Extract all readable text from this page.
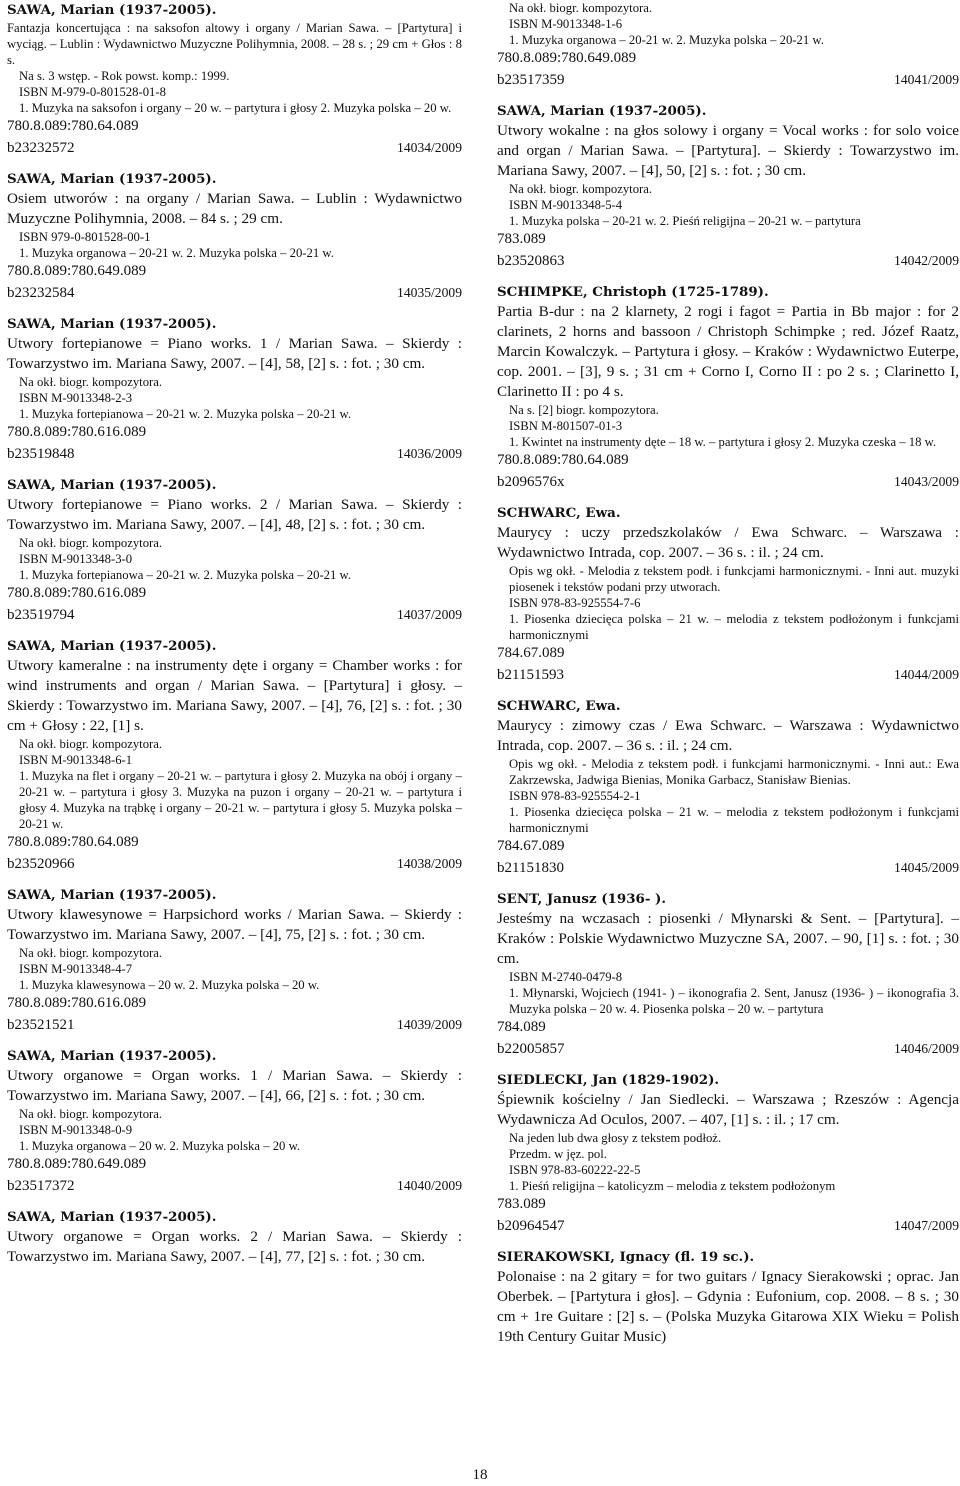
SAWA, Marian (1937-2005).

Fantazja koncertująca : na saksofon altowy i organy / Marian Sawa. – [Partytura] i wyciąg. – Lublin : Wydawnictwo Muzyczne Polihymnia, 2008. – 28 s. ; 29 cm + Głos : 8 s.

Na s. 3 wstęp. - Rok powst. komp.: 1999.

ISBN M-979-0-801528-01-8

1. Muzyka na saksofon i organy – 20 w. – partytura i głosy 2. Muzyka polska – 20 w.

780.8.089:780.64.089

b23232572	14034/2009
SAWA, Marian (1937-2005).

Osiem utworów : na organy / Marian Sawa. – Lublin : Wydawnictwo Muzyczne Polihymnia, 2008. – 84 s. ; 29 cm.

ISBN 979-0-801528-00-1

1. Muzyka organowa – 20-21 w. 2. Muzyka polska – 20-21 w.

780.8.089:780.649.089

b23232584	14035/2009
SAWA, Marian (1937-2005).

Utwory fortepianowe = Piano works. 1 / Marian Sawa. – Skierdy : Towarzystwo im. Mariana Sawy, 2007. – [4], 58, [2] s. : fot. ; 30 cm.

Na okł. biogr. kompozytora.

ISBN M-9013348-2-3

1. Muzyka fortepianowa – 20-21 w. 2. Muzyka polska – 20-21 w.

780.8.089:780.616.089

b23519848	14036/2009
SAWA, Marian (1937-2005).

Utwory fortepianowe = Piano works. 2 / Marian Sawa. – Skierdy : Towarzystwo im. Mariana Sawy, 2007. – [4], 48, [2] s. : fot. ; 30 cm.

Na okł. biogr. kompozytora.

ISBN M-9013348-3-0

1. Muzyka fortepianowa – 20-21 w. 2. Muzyka polska – 20-21 w.

780.8.089:780.616.089

b23519794	14037/2009
SAWA, Marian (1937-2005).

Utwory kameralne : na instrumenty dęte i organy = Chamber works : for wind instruments and organ / Marian Sawa. – [Partytura] i głosy. – Skierdy : Towarzystwo im. Mariana Sawy, 2007. – [4], 76, [2] s. : fot. ; 30 cm + Głosy : 22, [1] s.

Na okł. biogr. kompozytora.

ISBN M-9013348-6-1

1. Muzyka na flet i organy – 20-21 w. – partytura i głosy 2. Muzyka na obój i organy – 20-21 w. – partytura i głosy 3. Muzyka na puzon i organy – 20-21 w. – partytura i głosy 4. Muzyka na trąbkę i organy – 20-21 w. – partytura i głosy 5. Muzyka polska – 20-21 w.

780.8.089:780.64.089

b23520966	14038/2009
SAWA, Marian (1937-2005).

Utwory klawesynowe = Harpsichord works / Marian Sawa. – Skierdy : Towarzystwo im. Mariana Sawy, 2007. – [4], 75, [2] s. : fot. ; 30 cm.

Na okł. biogr. kompozytora.

ISBN M-9013348-4-7

1. Muzyka klawesynowa – 20 w. 2. Muzyka polska – 20 w.

780.8.089:780.616.089

b23521521	14039/2009
SAWA, Marian (1937-2005).

Utwory organowe = Organ works. 1 / Marian Sawa. – Skierdy : Towarzystwo im. Mariana Sawy, 2007. – [4], 66, [2] s. : fot. ; 30 cm.

Na okł. biogr. kompozytora.

ISBN M-9013348-0-9

1. Muzyka organowa – 20 w. 2. Muzyka polska – 20 w.

780.8.089:780.649.089

b23517372	14040/2009
SAWA, Marian (1937-2005).

Utwory organowe = Organ works. 2 / Marian Sawa. – Skierdy : Towarzystwo im. Mariana Sawy, 2007. – [4], 77, [2] s. : fot. ; 30 cm.

Na okł. biogr. kompozytora.

ISBN M-9013348-1-6

1. Muzyka organowa – 20-21 w. 2. Muzyka polska – 20-21 w.

780.8.089:780.649.089

b23517359	14041/2009
SAWA, Marian (1937-2005).

Utwory wokalne : na głos solowy i organy = Vocal works : for solo voice and organ / Marian Sawa. – [Partytura]. – Skierdy : Towarzystwo im. Mariana Sawy, 2007. – [4], 50, [2] s. : fot. ; 30 cm.

Na okł. biogr. kompozytora.

ISBN M-9013348-5-4

1. Muzyka polska – 20-21 w. 2. Pieśń religijna – 20-21 w. – partytura

783.089

b23520863	14042/2009
SCHIMPKE, Christoph (1725-1789).

Partia B-dur : na 2 klarnety, 2 rogi i fagot = Partia in Bb major : for 2 clarinets, 2 horns and bassoon / Christoph Schimpke ; red. Józef Raatz, Marcin Kowalczyk. – Partytura i głosy. – Kraków : Wydawnictwo Euterpe, cop. 2001. – [3], 9 s. ; 31 cm + Corno I, Corno II : po 2 s. ; Clarinetto I, Clarinetto II : po 4 s.

Na s. [2] biogr. kompozytora.

ISBN M-801507-01-3

1. Kwintet na instrumenty dęte – 18 w. – partytura i głosy 2. Muzyka czeska – 18 w.

780.8.089:780.64.089

b2096576x	14043/2009
SCHWARC, Ewa.

Maurycy : uczy przedszkolaków / Ewa Schwarc. – Warszawa : Wydawnictwo Intrada, cop. 2007. – 36 s. : il. ; 24 cm.

Opis wg okł. - Melodia z tekstem podł. i funkcjami harmonicznymi. - Inni aut. muzyki piosenek i tekstów podani przy utworach.

ISBN 978-83-925554-7-6

1. Piosenka dziecięca polska – 21 w. – melodia z tekstem podłożonym i funkcjami harmonicznymi

784.67.089

b21151593	14044/2009
SCHWARC, Ewa.

Maurycy : zimowy czas / Ewa Schwarc. – Warszawa : Wydawnictwo Intrada, cop. 2007. – 36 s. : il. ; 24 cm.

Opis wg okł. - Melodia z tekstem podł. i funkcjami harmonicznymi. - Inni aut.: Ewa Zakrzewska, Jadwiga Bienias, Monika Garbacz, Stanisław Bienias.

ISBN 978-83-925554-2-1

1. Piosenka dziecięca polska – 21 w. – melodia z tekstem podłożonym i funkcjami harmonicznymi

784.67.089

b21151830	14045/2009
SENT, Janusz (1936- ).

Jesteśmy na wczasach : piosenki / Młynarski & Sent. – [Partytura]. – Kraków : Polskie Wydawnictwo Muzyczne SA, 2007. – 90, [1] s. : fot. ; 30 cm.

ISBN M-2740-0479-8

1. Młynarski, Wojciech (1941- ) – ikonografia 2. Sent, Janusz (1936- ) – ikonografia 3. Muzyka polska – 20 w. 4. Piosenka polska – 20 w. – partytura

784.089

b22005857	14046/2009
SIEDLECKI, Jan (1829-1902).

Śpiewnik kościelny / Jan Siedlecki. – Warszawa ; Rzeszów : Agencja Wydawnicza Ad Oculos, 2007. – 407, [1] s. : il. ; 17 cm.

Na jeden lub dwa głosy z tekstem podłoż.

Przedm. w jęz. pol.

ISBN 978-83-60222-22-5

1. Pieśń religijna – katolicyzm – melodia z tekstem podłożonym

783.089

b20964547	14047/2009
SIERAKOWSKI, Ignacy (fl. 19 sc.).

Polonaise : na 2 gitary = for two guitars / Ignacy Sierakowski ; oprac. Jan Oberbek. – [Partytura i głos]. – Gdynia : Eufonium, cop. 2008. – 8 s. ; 30 cm + 1re Guitare : [2] s. – (Polska Muzyka Gitarowa XIX Wieku = Polish 19th Century Guitar Music)

18
